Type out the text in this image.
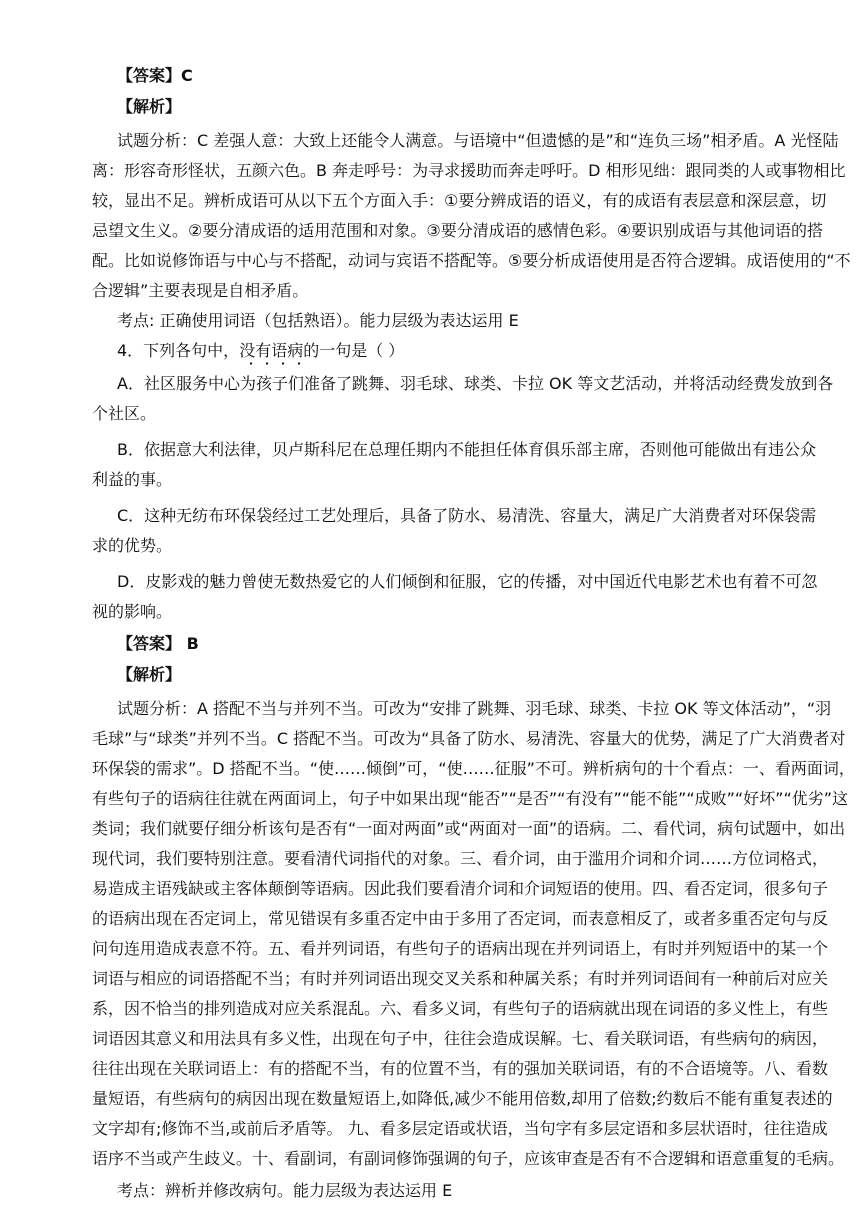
【答案】C
【解析】
试题分析：C 差强人意：大致上还能令人满意。与语境中“但遗憾的是”和“连负三场”相矛盾。A 光怪陆
离：形容奇形怪状，五颜六色。B 奔走呼号：为寻求援助而奔走呼吁。D 相形见绌：跟同类的人或事物相比
较，显出不足。辨析成语可从以下五个方面入手：①要分辨成语的语义，有的成语有表层意和深层意，切
忌望文生义。②要分清成语的适用范围和对象。③要分清成语的感情色彩。④要识别成语与其他词语的搭
配。比如说修饰语与中心与不搭配，动词与宾语不搭配等。⑤要分析成语使用是否符合逻辑。成语使用的“不
合逻辑”主要表现是自相矛盾。
考点: 正确使用词语（包括熟语）。能力层级为表达运用 E
4．下列各句中，没有语病的一句是（ ）
A．社区服务中心为孩子们准备了跳舞、羽毛球、球类、卡拉 OK 等文艺活动，并将活动经费发放到各
个社区。
B．依据意大利法律，贝卢斯科尼在总理任期内不能担任体育俱乐部主席，否则他可能做出有违公众
利益的事。
C．这种无纺布环保袋经过工艺处理后，具备了防水、易清洗、容量大，满足广大消费者对环保袋需
求的优势。
D．皮影戏的魅力曾使无数热爱它的人们倾倒和征服，它的传播，对中国近代电影艺术也有着不可忽
视的影响。
【答案】 B
【解析】
试题分析：A 搭配不当与并列不当。可改为“安排了跳舞、羽毛球、球类、卡拉 OK 等文体活动”，“羽
毛球”与“球类”并列不当。C 搭配不当。可改为“具备了防水、易清洗、容量大的优势，满足了广大消费者对
环保袋的需求”。D 搭配不当。“使……倾倒”可，“使……征服”不可。辨析病句的十个看点：一、看两面词，
有些句子的语病往往就在两面词上，句子中如果出现“能否”“是否”“有没有”“能不能”“成败”“好坏”“优劣”这
类词；我们就要仔细分析该句是否有“一面对两面”或“两面对一面”的语病。二、看代词，病句试题中，如出
现代词，我们要特别注意。要看清代词指代的对象。三、看介词，由于滥用介词和介词……方位词格式，
易造成主语残缺或主客体颠倒等语病。因此我们要看清介词和介词短语的使用。四、看否定词，很多句子
的语病出现在否定词上，常见错误有多重否定中由于多用了否定词，而表意相反了，或者多重否定句与反
问句连用造成表意不符。五、看并列词语，有些句子的语病出现在并列词语上，有时并列短语中的某一个
词语与相应的词语搭配不当；有时并列词语出现交叉关系和种属关系；有时并列词语间有一种前后对应关
系，因不恰当的排列造成对应关系混乱。六、看多义词，有些句子的语病就出现在词语的多义性上，有些
词语因其意义和用法具有多义性，出现在句子中，往往会造成误解。七、看关联词语，有些病句的病因，
往往出现在关联词语上：有的搭配不当，有的位置不当，有的强加关联词语，有的不合语境等。八、看数
量短语，有些病句的病因出现在数量短语上,如降低,减少不能用倍数,却用了倍数;约数后不能有重复表述的
文字却有;修饰不当,或前后矛盾等。 九、看多层定语或状语，当句字有多层定语和多层状语时，往往造成
语序不当或产生歧义。十、看副词，有副词修饰强调的句子，应该审查是否有不合逻辑和语意重复的毛病。
考点：辨析并修改病句。能力层级为表达运用 E
